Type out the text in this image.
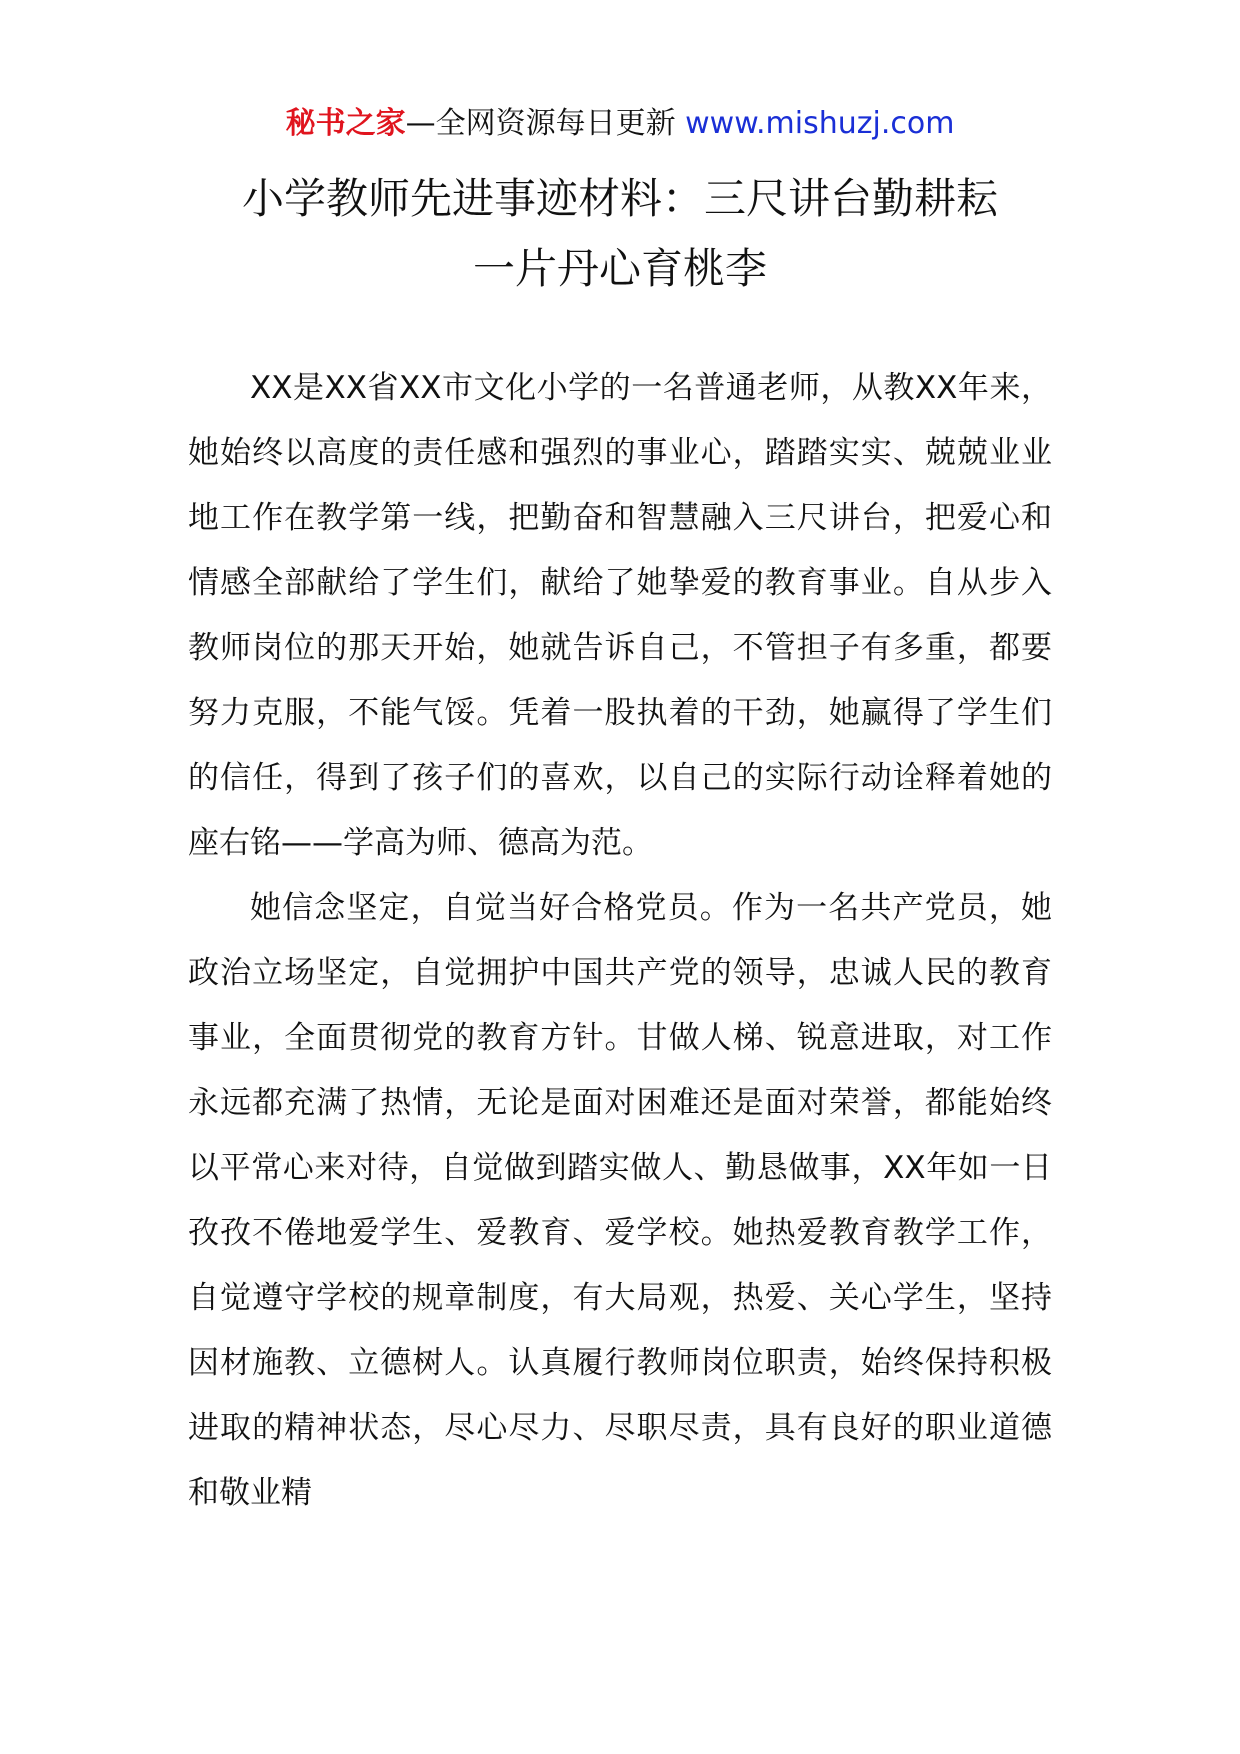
秘书之家—全网资源每日更新 www.mishuzj.com
小学教师先进事迹材料：三尺讲台勤耕耘
一片丹心育桃李

XX是XX省XX市文化小学的一名普通老师，从教XX年来，她始终以高度的责任感和强烈的事业心，踏踏实实、兢兢业业地工作在教学第一线，把勤奋和智慧融入三尺讲台，把爱心和情感全部献给了学生们，献给了她挚爱的教育事业。自从步入教师岗位的那天开始，她就告诉自己，不管担子有多重，都要努力克服，不能气馁。凭着一股执着的干劲，她赢得了学生们的信任，得到了孩子们的喜欢，以自己的实际行动诠释着她的座右铭——学高为师、德高为范。

她信念坚定，自觉当好合格党员。作为一名共产党员，她政治立场坚定，自觉拥护中国共产党的领导，忠诚人民的教育事业，全面贯彻党的教育方针。甘做人梯、锐意进取，对工作永远都充满了热情，无论是面对困难还是面对荣誉，都能始终以平常心来对待，自觉做到踏实做人、勤恳做事，XX年如一日孜孜不倦地爱学生、爱教育、爱学校。她热爱教育教学工作，自觉遵守学校的规章制度，有大局观，热爱、关心学生，坚持因材施教、立德树人。认真履行教师岗位职责，始终保持积极进取的精神状态，尽心尽力、尽职尽责，具有良好的职业道德和敬业精
